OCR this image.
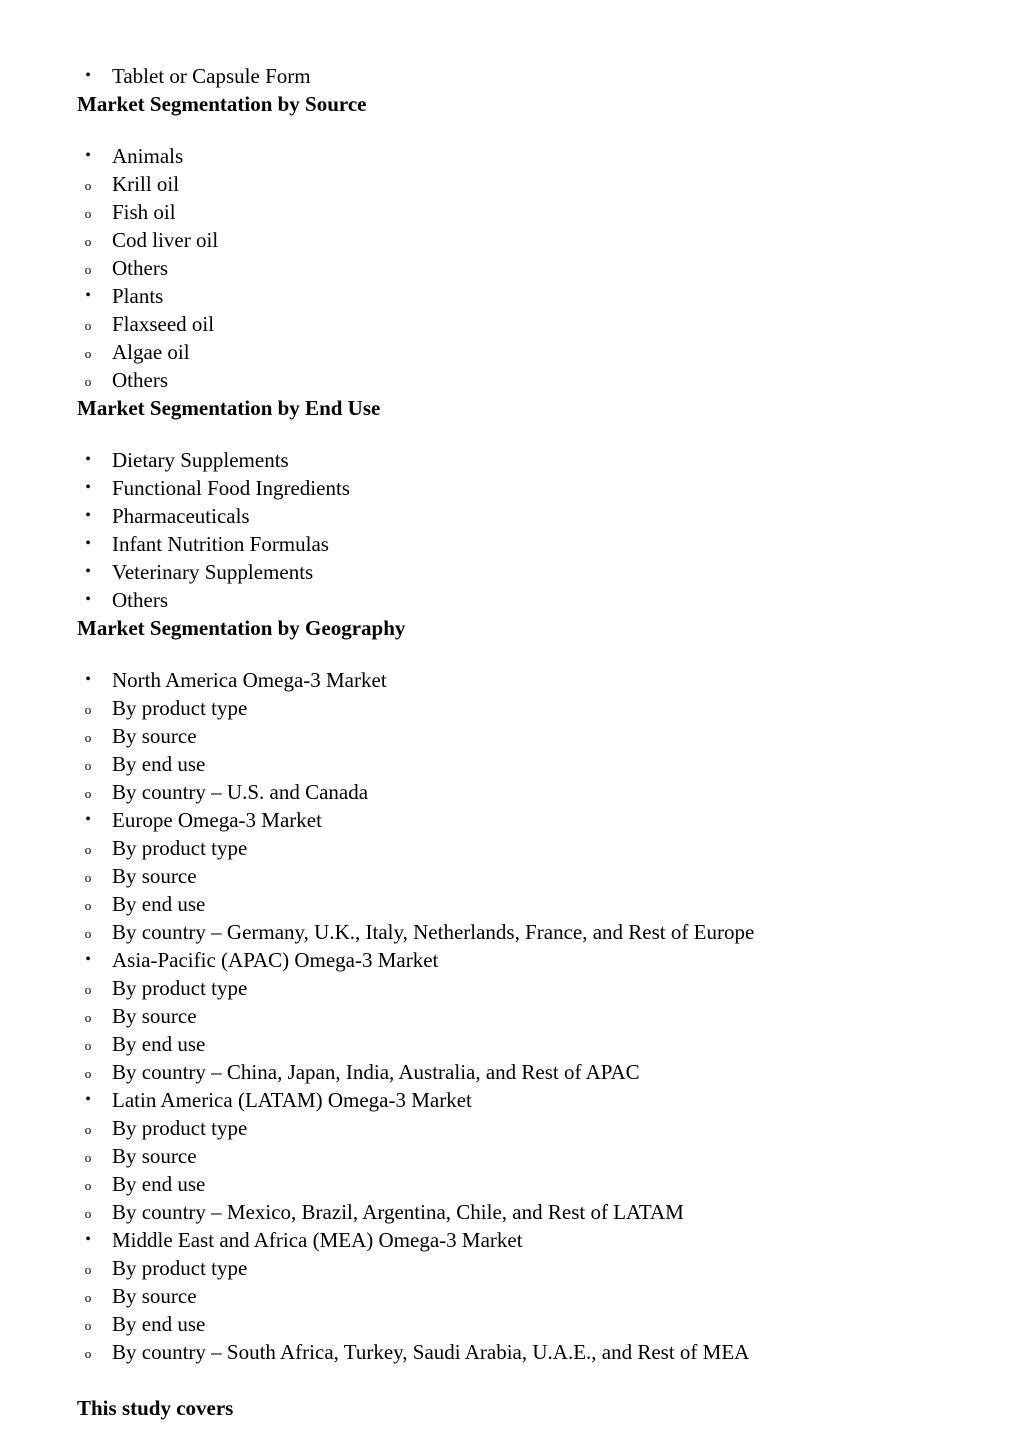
• Tablet or Capsule Form
Market Segmentation by Source
• Animals
o Krill oil
o Fish oil
o Cod liver oil
o Others
• Plants
o Flaxseed oil
o Algae oil
o Others
Market Segmentation by End Use
• Dietary Supplements
• Functional Food Ingredients
• Pharmaceuticals
• Infant Nutrition Formulas
• Veterinary Supplements
• Others
Market Segmentation by Geography
• North America Omega-3 Market
o By product type
o By source
o By end use
o By country – U.S. and Canada
• Europe Omega-3 Market
o By product type
o By source
o By end use
o By country – Germany, U.K., Italy, Netherlands, France, and Rest of Europe
• Asia-Pacific (APAC) Omega-3 Market
o By product type
o By source
o By end use
o By country – China, Japan, India, Australia, and Rest of APAC
• Latin America (LATAM) Omega-3 Market
o By product type
o By source
o By end use
o By country – Mexico, Brazil, Argentina, Chile, and Rest of LATAM
• Middle East and Africa (MEA) Omega-3 Market
o By product type
o By source
o By end use
o By country – South Africa, Turkey, Saudi Arabia, U.A.E., and Rest of MEA
This study covers
